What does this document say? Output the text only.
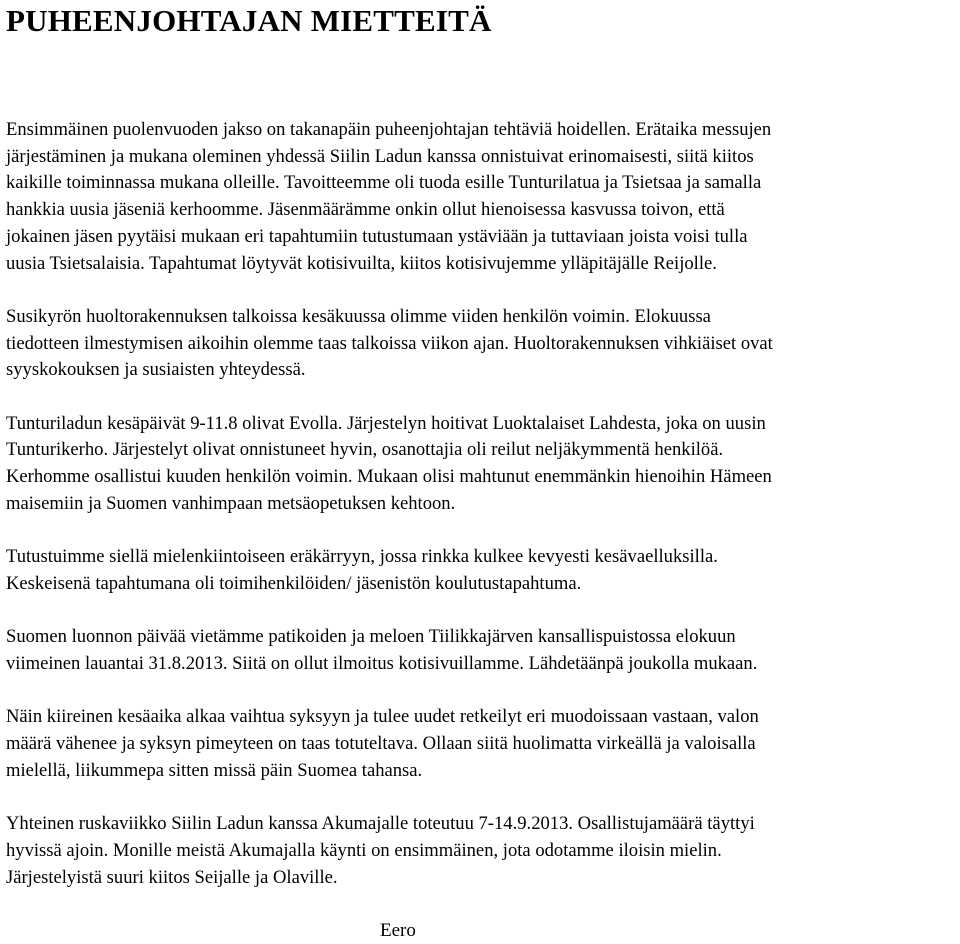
PUHEENJOHTAJAN MIETTEITÄ

Ensimmäinen puolenvuoden jakso on takanapäin puheenjohtajan tehtäviä hoidellen. Erätaika messujen
järjestäminen ja mukana oleminen yhdessä Siilin Ladun kanssa onnistuivat erinomaisesti, siitä kiitos
kaikille toiminnassa mukana olleille. Tavoitteemme oli tuoda esille Tunturilatua ja Tsietsaa ja samalla
hankkia uusia jäseniä kerhoomme. Jäsenmäärämme onkin ollut hienoisessa kasvussa toivon, että
jokainen jäsen pyytäisi mukaan eri tapahtumiin tutustumaan ystäviään ja tuttaviaan joista voisi tulla
uusia Tsietsalaisia. Tapahtumat löytyvät kotisivuilta, kiitos kotisivujemme ylläpitäjälle Reijolle.

Susikyrön huoltorakennuksen talkoissa kesäkuussa olimme viiden henkilön voimin. Elokuussa
tiedotteen ilmestymisen aikoihin olemme taas talkoissa viikon ajan. Huoltorakennuksen vihkiäiset ovat
syyskokouksen ja susiaisten yhteydessä.

Tunturiladun kesäpäivät 9-11.8 olivat Evolla. Järjestelyn hoitivat Luoktalaiset Lahdesta, joka on uusin
Tunturikerho. Järjestelyt olivat onnistuneet hyvin, osanottajia oli reilut neljäkymmentä henkilöä.
Kerhomme osallistui kuuden henkilön voimin. Mukaan olisi mahtunut enemmänkin hienoihin Hämeen
maisemiin ja Suomen vanhimpaan metsäopetuksen kehtoon.

Tutustuimme siellä mielenkiintoiseen eräkärryyn, jossa rinkka kulkee kevyesti kesävaelluksilla.
Keskeisenä tapahtumana oli toimihenkilöiden/ jäsenistön koulutustapahtuma.

Suomen luonnon päivää vietämme patikoiden ja meloen Tiilikkajärven kansallispuistossa elokuun
viimeinen lauantai 31.8.2013. Siitä on ollut ilmoitus kotisivuillamme. Lähdetäänpä joukolla mukaan.

Näin kiireinen kesäaika alkaa vaihtua syksyyn ja tulee uudet retkeilyt eri muodoissaan vastaan, valon
määrä vähenee ja syksyn pimeyteen on taas totuteltava. Ollaan siitä huolimatta virkeällä ja valoisalla
mielellä, liikummepa sitten missä päin Suomea tahansa.

Yhteinen ruskaviikko Siilin Ladun kanssa Akumajalle toteutuu 7-14.9.2013. Osallistujamäärä täyttyi
hyvissä ajoin. Monille meistä Akumajalla käynti on ensimmäinen, jota odotamme iloisin mielin.
Järjestelyistä suuri kiitos Seijalle ja Olaville.

Eero
